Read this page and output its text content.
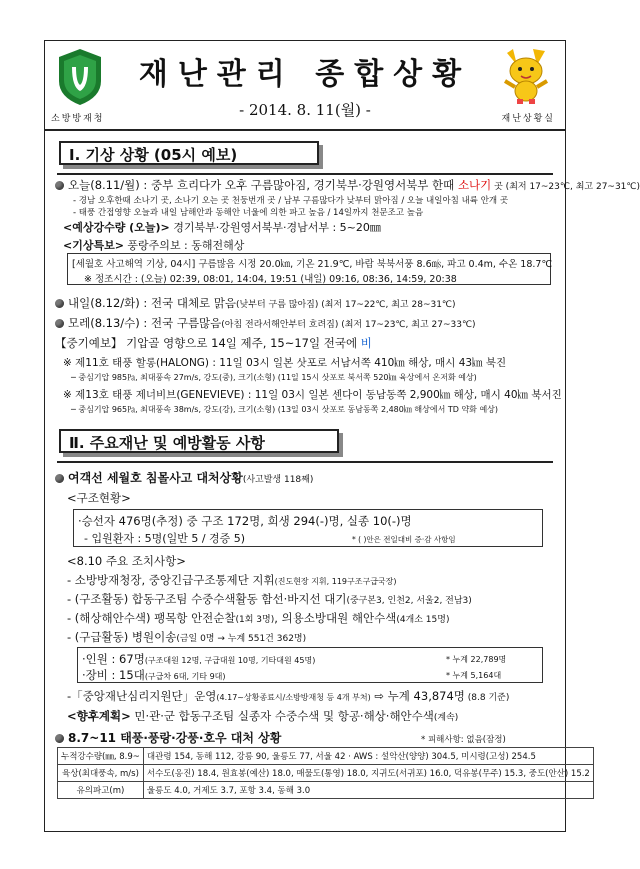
소방방재청
재난관리 종합상황
- 2014. 8. 11(월) -	재난상황실
Ⅰ. 기상 상황 (05시 예보)
오늘(8.11/월) : 중부 흐리다가 오후 구름많아짐, 경기북부·강원영서북부 한때 소나기 곳 (최저 17~23℃, 최고 27~31℃)
- 경남 오후한때 소나기 곳, 소나기 오는 곳 천둥번개 곳 / 남부 구름많다가 낮부터 맑아짐 / 오늘 내일아침 내륙 안개 곳
- 태풍 간접영향 오늘과 내일 남해안과 동해안 너울에 의한 파고 높음 / 14일까지 천문조고 높음
<예상강수량 (오늘)> 경기북부·강원영서북부·경남서부 : 5~20㎜
<기상특보> 풍랑주의보 : 동해전해상
[세월호 사고해역 기상, 04시] 구름많음 시정 20.0㎞, 기온 21.9℃, 바람 북북서풍 8.6㎧, 파고 0.4m, 수온 18.7℃
※ 정조시간 : (오늘) 02:39, 08:01, 14:04, 19:51 (내일) 09:16, 08:36, 14:59, 20:38
내일(8.12/화) : 전국 대체로 맑음(낮부터 구름 많아짐) (최저 17~22℃, 최고 28~31℃)
모레(8.13/수) : 전국 구름많음(아침 전라서해안부터 흐려짐) (최저 17~23℃, 최고 27~33℃)
【중기예보】 기압골 영향으로 14일 제주, 15~17일 전국에 비
※ 제11호 태풍 할롱(HALONG) : 11일 03시 일본 삿포로 서남서쪽 410㎞ 해상, 매시 43㎞ 북진
─ 중심기압 985㎩, 최대풍속 27m/s, 강도(중), 크기(소형) (11일 15시 삿포로 북서쪽 520㎞ 육상에서 온저화 예상)
※ 제13호 태풍 제너비브(GENEVIEVE) : 11일 03시 일본 센다이 동남동쪽 2,900㎞ 해상, 매시 40㎞ 북서진
─ 중심기압 965㎩, 최대풍속 38m/s, 강도(강), 크기(소형) (13일 03시 삿포로 동남동쪽 2,480㎞ 해상에서 TD 약화 예상)
Ⅱ. 주요재난 및 예방활동 사항
여객선 세월호 침몰사고 대처상황(사고발생 118째)
<구조현황>
·승선자 476명(추정) 중 구조 172명, 희생 294(-)명, 실종 10(-)명
- 입원환자 : 5명(일반 5 / 경증 5)	* ( )안은 전일대비 증·감 사항임
<8.10 주요 조치사항>
- 소방방재청장, 중앙긴급구조통제단 지휘(진도현장 지휘, 119구조구급국장)
- (구조활동) 합동구조팀 수중수색활동 함선·바지선 대기(중구본3, 인천2, 서울2, 전남3)
- (해상해안수색) 팽목항 안전순찰(1회 3명), 의용소방대원 해안수색(4개소 15명)
- (구급활동) 병원이송(금일 0명 → 누계 551건 362명)
·인원 : 67명(구조대원 12명, 구급대원 10명, 기타대원 45명)	* 누계 22,789명
·장비 : 15대(구급차 6대, 기타 9대)	* 누계 5,164대
-「중앙재난심리지원단」운영(4.17~상황종료시/소방방재청 등 4개 부처) ⇨ 누계 43,874명 (8.8 기준)
<향후계획> 민·관·군 합동구조팀 실종자 수중수색 및 항공·해상·해안수색(계속)
8.7~11 태풍·풍랑·강풍·호우 대처 상황	* 피해사항: 없음(잠정)
누적강수량(㎜, 8.9~	대관령 154, 동해 112, 강릉 90, 울릉도 77, 서울 42 · AWS : 설악산(양양) 304.5, 미시령(고성) 254.5
육상(최대풍속, m/s)	서수도(옹진) 18.4, 원효봉(예산) 18.0, 매물도(통영) 18.0, 지귀도(서귀포) 16.0, 덕유봉(무주) 15.3, 중도(안산) 15.2
유의파고(m)	울릉도 4.0, 거제도 3.7, 포항 3.4, 동해 3.0
